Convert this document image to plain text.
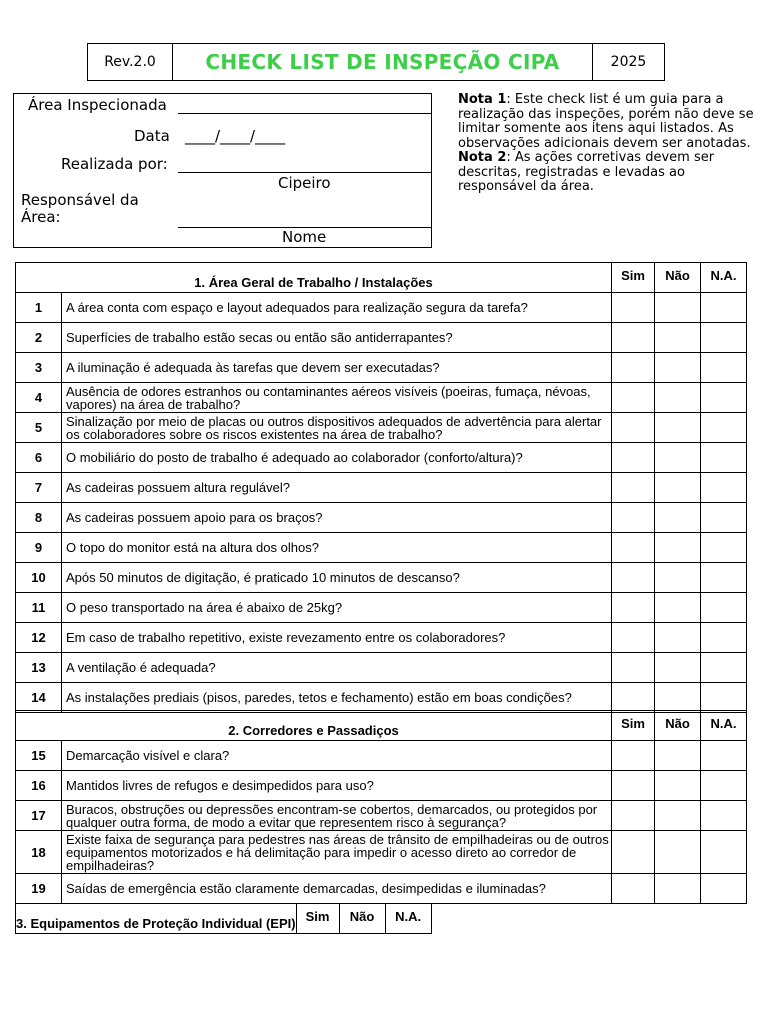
Rev.2.0	CHECK LIST DE INSPEÇÃO CIPA	2025
Área Inspecionada
Data ____/____/____
Realizada por:
Cipeiro
Responsável da Área:
Nome

Nota 1: Este check list é um guia para a realização das inspeções, porém não deve se limitar somente aos itens aqui listados. As observações adicionais devem ser anotadas.

Nota 2: As ações corretivas devem ser descritas, registradas e levadas ao responsável da área.

1. Área Geral de Trabalho / Instalações		Sim	Não	N.A.
1	A área conta com espaço e layout adequados para realização segura da tarefa?			
2	Superfícies de trabalho estão secas ou então são antiderrapantes?			
3	A iluminação é adequada às tarefas que devem ser executadas?			
4	Ausência de odores estranhos ou contaminantes aéreos visíveis (poeiras, fumaça, névoas, vapores) na área de trabalho?			
5	Sinalização por meio de placas ou outros dispositivos adequados de advertência para alertar os colaboradores sobre os riscos existentes na área de trabalho?			
6	O mobiliário do posto de trabalho é adequado ao colaborador (conforto/altura)?			
7	As cadeiras possuem altura regulável?			
8	As cadeiras possuem apoio para os braços?			
9	O topo do monitor está na altura dos olhos?			
10	Após 50 minutos de digitação, é praticado 10 minutos de descanso?			
11	O peso transportado na área é abaixo de 25kg?			
12	Em caso de trabalho repetitivo, existe revezamento entre os colaboradores?			
13	A ventilação é adequada?			
14	As instalações prediais (pisos, paredes, tetos e fechamento) estão em boas condições?			
2. Corredores e Passadiços		Sim	Não	N.A.
15	Demarcação visível e clara?			
16	Mantidos livres de refugos e desimpedidos para uso?			
17	Buracos, obstruções ou depressões encontram-se cobertos, demarcados, ou protegidos por qualquer outra forma, de modo a evitar que representem risco à segurança?			
18	Existe faixa de segurança para pedestres nas áreas de trânsito de empilhadeiras ou de outros equipamentos motorizados e há delimitação para impedir o acesso direto ao corredor de empilhadeiras?			
19	Saídas de emergência estão claramente demarcadas, desimpedidas e iluminadas?			
3. Equipamentos de Proteção Individual (EPI)	Sim	Não	N.A.
